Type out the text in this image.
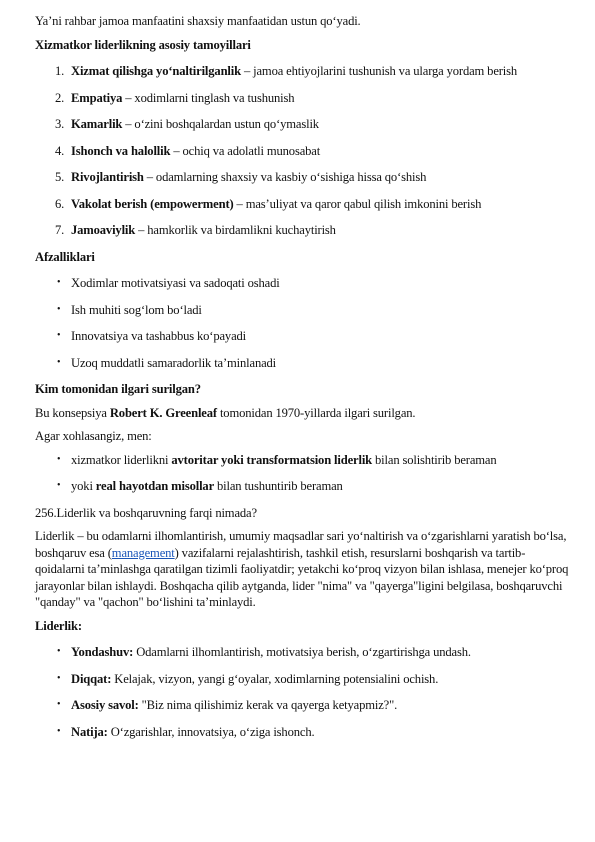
Ya’ni rahbar jamoa manfaatini shaxsiy manfaatidan ustun qo‘yadi.

Xizmatkor liderlikning asosiy tamoyillari

1. Xizmat qilishga yo‘naltirilganlik – jamoa ehtiyojlarini tushunish va ularga yordam berish
2. Empatiya – xodimlarni tinglash va tushunish
3. Kamarlik – o‘zini boshqalardan ustun qo‘ymaslik
4. Ishonch va halollik – ochiq va adolatli munosabat
5. Rivojlantirish – odamlarning shaxsiy va kasbiy o‘sishiga hissa qo‘shish
6. Vakolat berish (empowerment) – mas’uliyat va qaror qabul qilish imkonini berish
7. Jamoaviylik – hamkorlik va birdamlikni kuchaytirish

Afzalliklari

• Xodimlar motivatsiyasi va sadoqati oshadi
• Ish muhiti sog‘lom bo‘ladi
• Innovatsiya va tashabbus ko‘payadi
• Uzoq muddatli samaradorlik ta’minlanadi

Kim tomonidan ilgari surilgan?

Bu konsepsiya Robert K. Greenleaf tomonidan 1970-yillarda ilgari surilgan.

Agar xohlasangiz, men:

• xizmatkor liderlikni avtoritar yoki transformatsion liderlik bilan solishtirib beraman
• yoki real hayotdan misollar bilan tushuntirib beraman

256.Liderlik va boshqaruvning farqi nimada?

Liderlik – bu odamlarni ilhomlantirish, umumiy maqsadlar sari yo‘naltirish va o‘zgarishlarni yaratish bo‘lsa, boshqaruv esa (management) vazifalarni rejalashtirish, tashkil etish, resurslarni boshqarish va tartib-qoidalarni ta’minlashga qaratilgan tizimli faoliyatdir; yetakchi ko‘proq vizyon bilan ishlasa, menejer ko‘proq jarayonlar bilan ishlaydi. Boshqacha qilib aytganda, lider "nima" va "qayerga"ligini belgilasa, boshqaruvchi "qanday" va "qachon" bo‘lishini ta’minlaydi.

Liderlik:

• Yondashuv: Odamlarni ilhomlantirish, motivatsiya berish, o‘zgartirishga undash.
• Diqqat: Kelajak, vizyon, yangi g‘oyalar, xodimlarning potensialini ochish.
• Asosiy savol: "Biz nima qilishimiz kerak va qayerga ketyapmiz?".
• Natija: O‘zgarishlar, innovatsiya, o‘ziga ishonch.
